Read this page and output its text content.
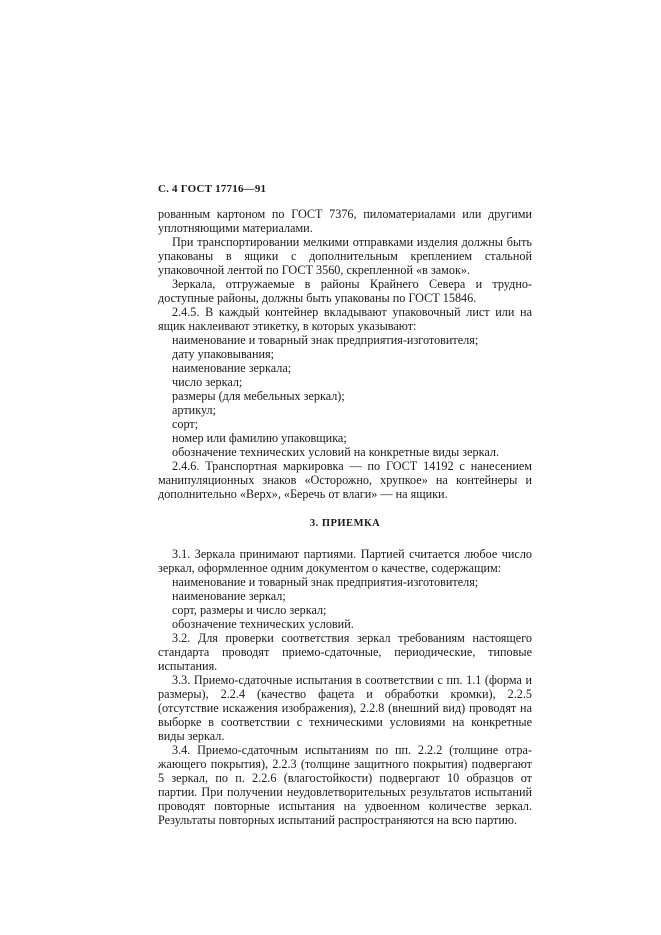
С. 4 ГОСТ 17716—91

рованным картоном по ГОСТ 7376, пиломатериалами или другими уплотняющими материалами.

При транспортировании мелкими отправками изделия должны быть упакованы в ящики с дополнительным креплением стальной упаковочной лентой по ГОСТ 3560, скрепленной «в замок».

Зеркала, отгружаемые в районы Крайнего Севера и труднодоступные районы, должны быть упакованы по ГОСТ 15846.

2.4.5. В каждый контейнер вкладывают упаковочный лист или на ящик наклеивают этикетку, в которых указывают:

наименование и товарный знак предприятия-изготовителя;

дату упаковывания;

наименование зеркала;

число зеркал;

размеры (для мебельных зеркал);

артикул;

сорт;

номер или фамилию упаковщика;

обозначение технических условий на конкретные виды зеркал.

2.4.6. Транспортная маркировка — по ГОСТ 14192 с нанесением манипуляционных знаков «Осторожно, хрупкое» на контейнеры и дополнительно «Верх», «Беречь от влаги» — на ящики.

3. ПРИЕМКА

3.1. Зеркала принимают партиями. Партией считается любое число зеркал, оформленное одним документом о качестве, содержащим:

наименование и товарный знак предприятия-изготовителя;

наименование зеркал;

сорт, размеры и число зеркал;

обозначение технических условий.

3.2. Для проверки соответствия зеркал требованиям настоящего стандарта проводят приемо-сдаточные, периодические, типовые испытания.

3.3. Приемо-сдаточные испытания в соответствии с пп. 1.1 (форма и размеры), 2.2.4 (качество фацета и обработки кромки), 2.2.5 (отсутствие искажения изображения), 2.2.8 (внешний вид) проводят на выборке в соответствии с техническими условиями на конкретные виды зеркал.

3.4. Приемо-сдаточным испытаниям по пп. 2.2.2 (толщине отражающего покрытия), 2.2.3 (толщине защитного покрытия) подвергают 5 зеркал, по п. 2.2.6 (влагостойкости) подвергают 10 образцов от партии. При получении неудовлетворительных результатов испытаний проводят повторные испытания на удвоенном количестве зеркал. Результаты повторных испытаний распространяются на всю партию.
